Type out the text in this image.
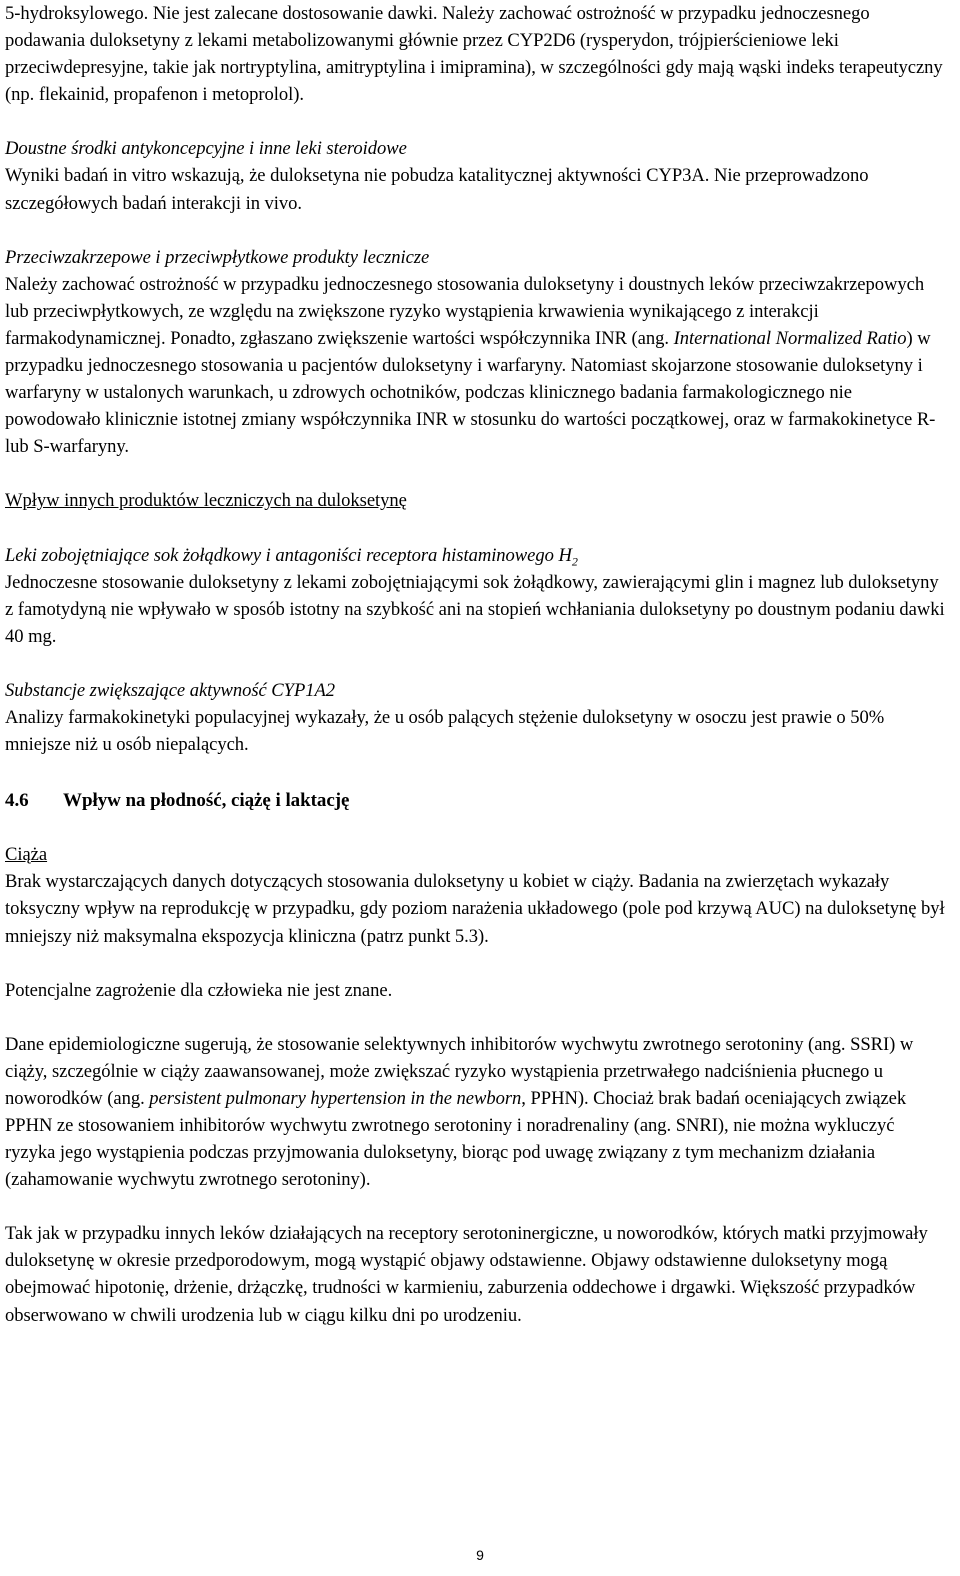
5-hydroksylowego. Nie jest zalecane dostosowanie dawki. Należy zachować ostrożność w przypadku jednoczesnego podawania duloksetyny z lekami metabolizowanymi głównie przez CYP2D6 (rysperydon, trójpierścieniowe leki przeciwdepresyjne, takie jak nortryptylina, amitryptylina i imipramina), w szczególności gdy mają wąski indeks terapeutyczny (np. flekainid, propafenon i metoprolol).

Doustne środki antykoncepcyjne i inne leki steroidowe

Wyniki badań in vitro wskazują, że duloksetyna nie pobudza katalitycznej aktywności CYP3A. Nie przeprowadzono szczegółowych badań interakcji in vivo.

Przeciwzakrzepowe i przeciwpłytkowe produkty lecznicze

Należy zachować ostrożność w przypadku jednoczesnego stosowania duloksetyny i doustnych leków przeciwzakrzepowych lub przeciwpłytkowych, ze względu na zwiększone ryzyko wystąpienia krwawienia wynikającego z interakcji farmakodynamicznej. Ponadto, zgłaszano zwiększenie wartości współczynnika INR (ang. International Normalized Ratio) w przypadku jednoczesnego stosowania u pacjentów duloksetyny i warfaryny. Natomiast skojarzone stosowanie duloksetyny i warfaryny w ustalonych warunkach, u zdrowych ochotników, podczas klinicznego badania farmakologicznego nie powodowało klinicznie istotnej zmiany współczynnika INR w stosunku do wartości początkowej, oraz w farmakokinetyce R- lub S-warfaryny.

Wpływ innych produktów leczniczych na duloksetynę

Leki zobojętniające sok żołądkowy i antagoniści receptora histaminowego $H_2$

Jednoczesne stosowanie duloksetyny z lekami zobojętniającymi sok żołądkowy, zawierającymi glin i magnez lub duloksetyny z famotydyną nie wpływało w sposób istotny na szybkość ani na stopień wchłaniania duloksetyny po doustnym podaniu dawki 40 mg.

Substancje zwiększające aktywność CYP1A2

Analizy farmakokinetyki populacyjnej wykazały, że u osób palących stężenie duloksetyny w osoczu jest prawie o 50% mniejsze niż u osób niepalących.

4.6 Wpływ na płodność, ciążę i laktację

Ciąża

Brak wystarczających danych dotyczących stosowania duloksetyny u kobiet w ciąży. Badania na zwierzętach wykazały toksyczny wpływ na reprodukcję w przypadku, gdy poziom narażenia układowego (pole pod krzywą AUC) na duloksetynę był mniejszy niż maksymalna ekspozycja kliniczna (patrz punkt 5.3).

Potencjalne zagrożenie dla człowieka nie jest znane.

Dane epidemiologiczne sugerują, że stosowanie selektywnych inhibitorów wychwytu zwrotnego serotoniny (ang. SSRI) w ciąży, szczególnie w ciąży zaawansowanej, może zwiększać ryzyko wystąpienia przetrwałego nadciśnienia płucnego u noworodków (ang. persistent pulmonary hypertension in the newborn, PPHN). Chociaż brak badań oceniających związek PPHN ze stosowaniem inhibitorów wychwytu zwrotnego serotoniny i noradrenaliny (ang. SNRI), nie można wykluczyć ryzyka jego wystąpienia podczas przyjmowania duloksetyny, biorąc pod uwagę związany z tym mechanizm działania (zahamowanie wychwytu zwrotnego serotoniny).

Tak jak w przypadku innych leków działających na receptory serotoninergiczne, u noworodków, których matki przyjmowały duloksetynę w okresie przedporodowym, mogą wystąpić objawy odstawienne. Objawy odstawienne duloksetyny mogą obejmować hipotonię, drżenie, drżączkę, trudności w karmieniu, zaburzenia oddechowe i drgawki. Większość przypadków obserwowano w chwili urodzenia lub w ciągu kilku dni po urodzeniu.

9
